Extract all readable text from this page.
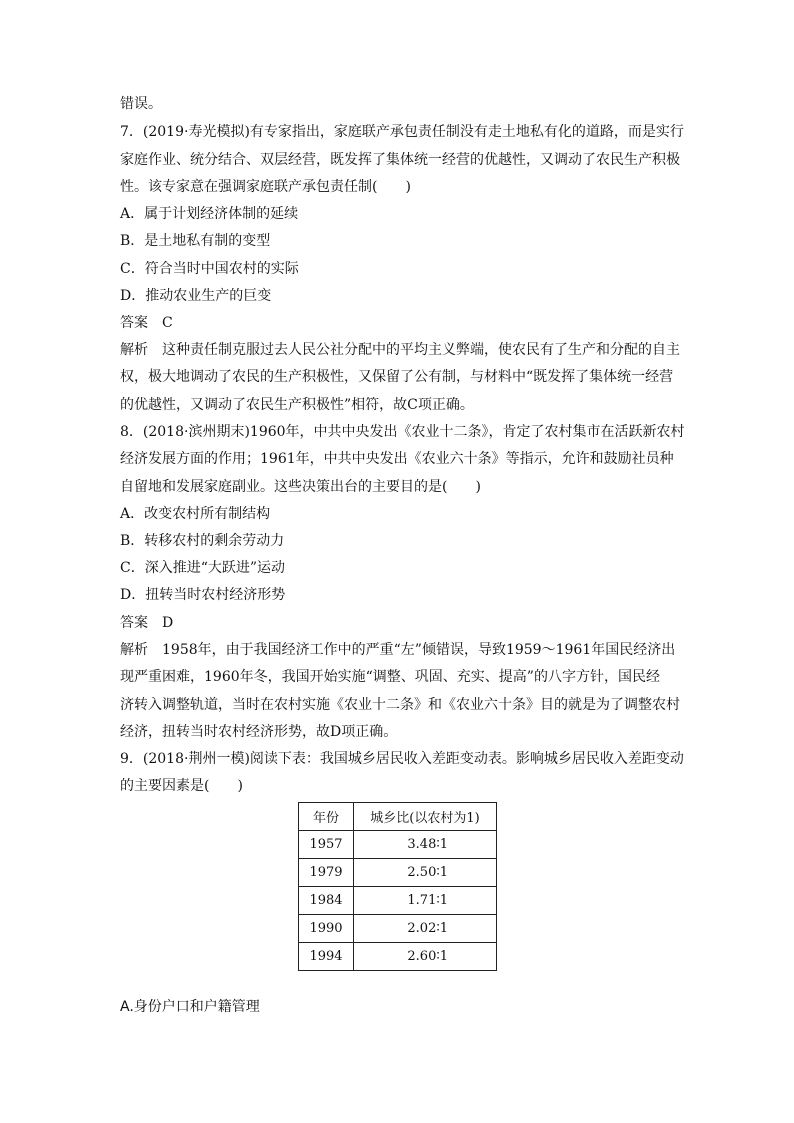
错误。
7．(2019·寿光模拟)有专家指出，家庭联产承包责任制没有走土地私有化的道路，而是实行
家庭作业、统分结合、双层经营，既发挥了集体统一经营的优越性，又调动了农民生产积极
性。该专家意在强调家庭联产承包责任制(　　)
A．属于计划经济体制的延续
B．是土地私有制的变型
C．符合当时中国农村的实际
D．推动农业生产的巨变
答案　C
解析　这种责任制克服过去人民公社分配中的平均主义弊端，使农民有了生产和分配的自主
权，极大地调动了农民的生产积极性，又保留了公有制，与材料中“既发挥了集体统一经营
的优越性，又调动了农民生产积极性”相符，故C项正确。
8．(2018·滨州期末)1960年，中共中央发出《农业十二条》，肯定了农村集市在活跃新农村
经济发展方面的作用；1961年，中共中央发出《农业六十条》等指示，允许和鼓励社员种
自留地和发展家庭副业。这些决策出台的主要目的是(　　)
A．改变农村所有制结构
B．转移农村的剩余劳动力
C．深入推进“大跃进”运动
D．扭转当时农村经济形势
答案　D
解析　1958年，由于我国经济工作中的严重“左”倾错误，导致1959～1961年国民经济出
现严重困难，1960年冬，我国开始实施“调整、巩固、充实、提高”的八字方针，国民经
济转入调整轨道，当时在农村实施《农业十二条》和《农业六十条》目的就是为了调整农村
经济，扭转当时农村经济形势，故D项正确。
9．(2018·荆州一模)阅读下表：我国城乡居民收入差距变动表。影响城乡居民收入差距变动
的主要因素是(　　)
年份	城乡比(以农村为1)
1957	3.48∶1
1979	2.50∶1
1984	1.71∶1
1990	2.02∶1
1994	2.60∶1
A.身份户口和户籍管理
